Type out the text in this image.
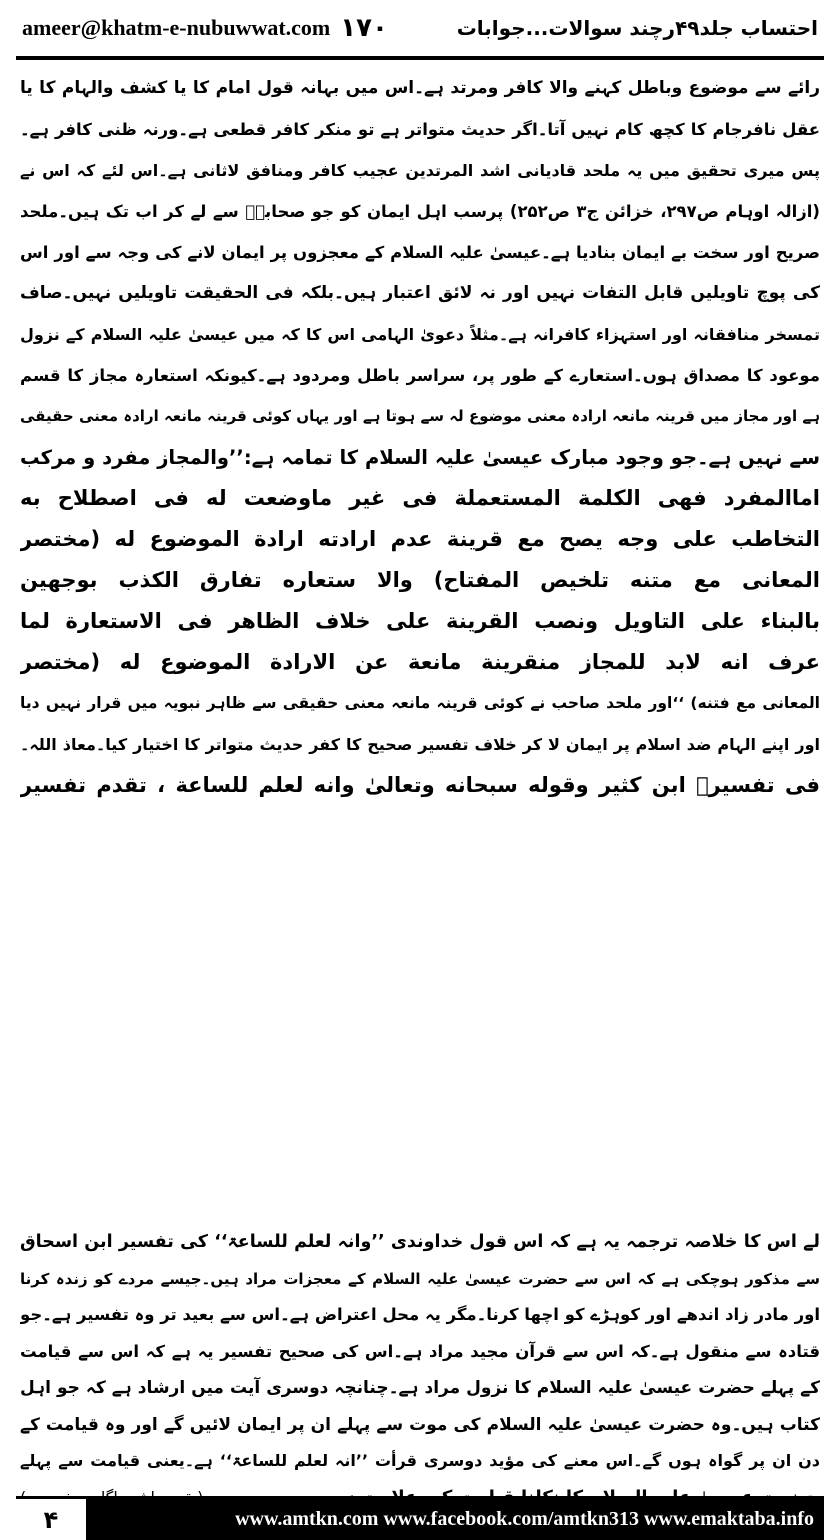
ameer@khatm-e-nubuwwat.com ۱۷۰	احتساب جلد۴۹رچند سوالات...جوابات
رائے سے موضوع وباطل کہنے والا کافر ومرتد ہے۔اس میں بہانہ قول امام کا یا کشف والہام کا یا
عقل نافرجام کا کچھ کام نہیں آتا۔اگر حدیث متواتر ہے تو منکر کافر قطعی ہے۔ورنہ ظنی کافر ہے۔
پس میری تحقیق میں یہ ملحد قادیانی اشد المرتدین عجیب کافر ومنافق لاثانی ہے۔اس لئے کہ اس نے
(ازالہ اوہام ص۲۹۷، خزائن ج۳ ص۲۵۲) پرسب اہل ایمان کو جو صحابہؓ سے لے کر اب تک ہیں۔ملحد
صریح اور سخت بے ایمان بنادیا ہے۔عیسیٰ علیہ السلام کے معجزوں پر ایمان لانے کی وجہ سے اور اس
کی پوچ تاویلیں قابل التفات نہیں اور نہ لائق اعتبار ہیں۔بلکہ فی الحقیقت تاویلیں نہیں۔صاف
تمسخر منافقانہ اور استہزاء کافرانہ ہے۔مثلاً دعویٰ الہامی اس کا کہ میں عیسیٰ علیہ السلام کے نزول
موعود کا مصداق ہوں۔استعارے کے طور پر، سراسر باطل ومردود ہے۔کیونکہ استعارہ مجاز کا قسم
ہے اور مجاز میں قرینہ مانعہ ارادہ معنی موضوع لہ سے ہوتا ہے اور یہاں کوئی قرینہ مانعہ ارادہ معنی حقیقی
سے نہیں ہے۔جو وجود مبارک عیسیٰ علیہ السلام کا تمامہ ہے:’’والمجاز مفرد و مرکب
اماالمفرد فهی الكلمة المستعملة فی غير ماوضعت له فی اصطلاح به
التخاطب علی وجه يصح مع قرينة عدم ارادته ارادة الموضوع له (مختصر
المعانی مع متنه تلخيص المفتاح) والا ستعاره تفارق الكذب بوجهين
بالبناء علی التاويل ونصب القرينة علی خلاف الظاهر فی الاستعارة لما
عرف انه لابد للمجاز منقرينة مانعة عن الارادة الموضوع له (مختصر
المعانی مع فتنه) ‘‘اور ملحد صاحب نے کوئی قرینہ مانعہ معنی حقیقی سے ظاہر نبویہ میں قرار نہیں دیا
اور اپنے الہام ضد اسلام پر ایمان لا کر خلاف تفسیر صحیح کا کفر حدیث متواتر کا اختیار کیا۔معاذ اللہ۔
فی تفسیرؒ ابن كثير وقوله سبحانه وتعالیٰ وانه لعلم للساعة ، تقدم تفسير
لے اس کا خلاصہ ترجمہ یہ ہے کہ اس قول خداوندی ’’وانہ لعلم للساعۃ‘‘ کی تفسیر ابن اسحاق
سے مذکور ہوچکی ہے کہ اس سے حضرت عیسیٰ علیہ السلام کے معجزات مراد ہیں۔جیسے مردے کو زندہ کرنا
اور مادر زاد اندھے اور کوہڑے کو اچھا کرنا۔مگر یہ محل اعتراض ہے۔اس سے بعید تر وہ تفسیر ہے۔جو
قتادہ سے منقول ہے۔کہ اس سے قرآن مجید مراد ہے۔اس کی صحیح تفسیر یہ ہے کہ اس سے قیامت
کے پہلے حضرت عیسیٰ علیہ السلام کا نزول مراد ہے۔چنانچہ دوسری آیت میں ارشاد ہے کہ جو اہل
کتاب ہیں۔وہ حضرت عیسیٰ علیہ السلام کی موت سے پہلے ان پر ایمان لائیں گے اور وہ قیامت کے
دن ان پر گواہ ہوں گے۔اس معنے کی مؤید دوسری قرأت ’’انہ لعلم للساعۃ‘‘ ہے۔یعنی قیامت سے پہلے
۴	www.amtkn.com www.facebook.com/amtkn313 www.emaktaba.info
